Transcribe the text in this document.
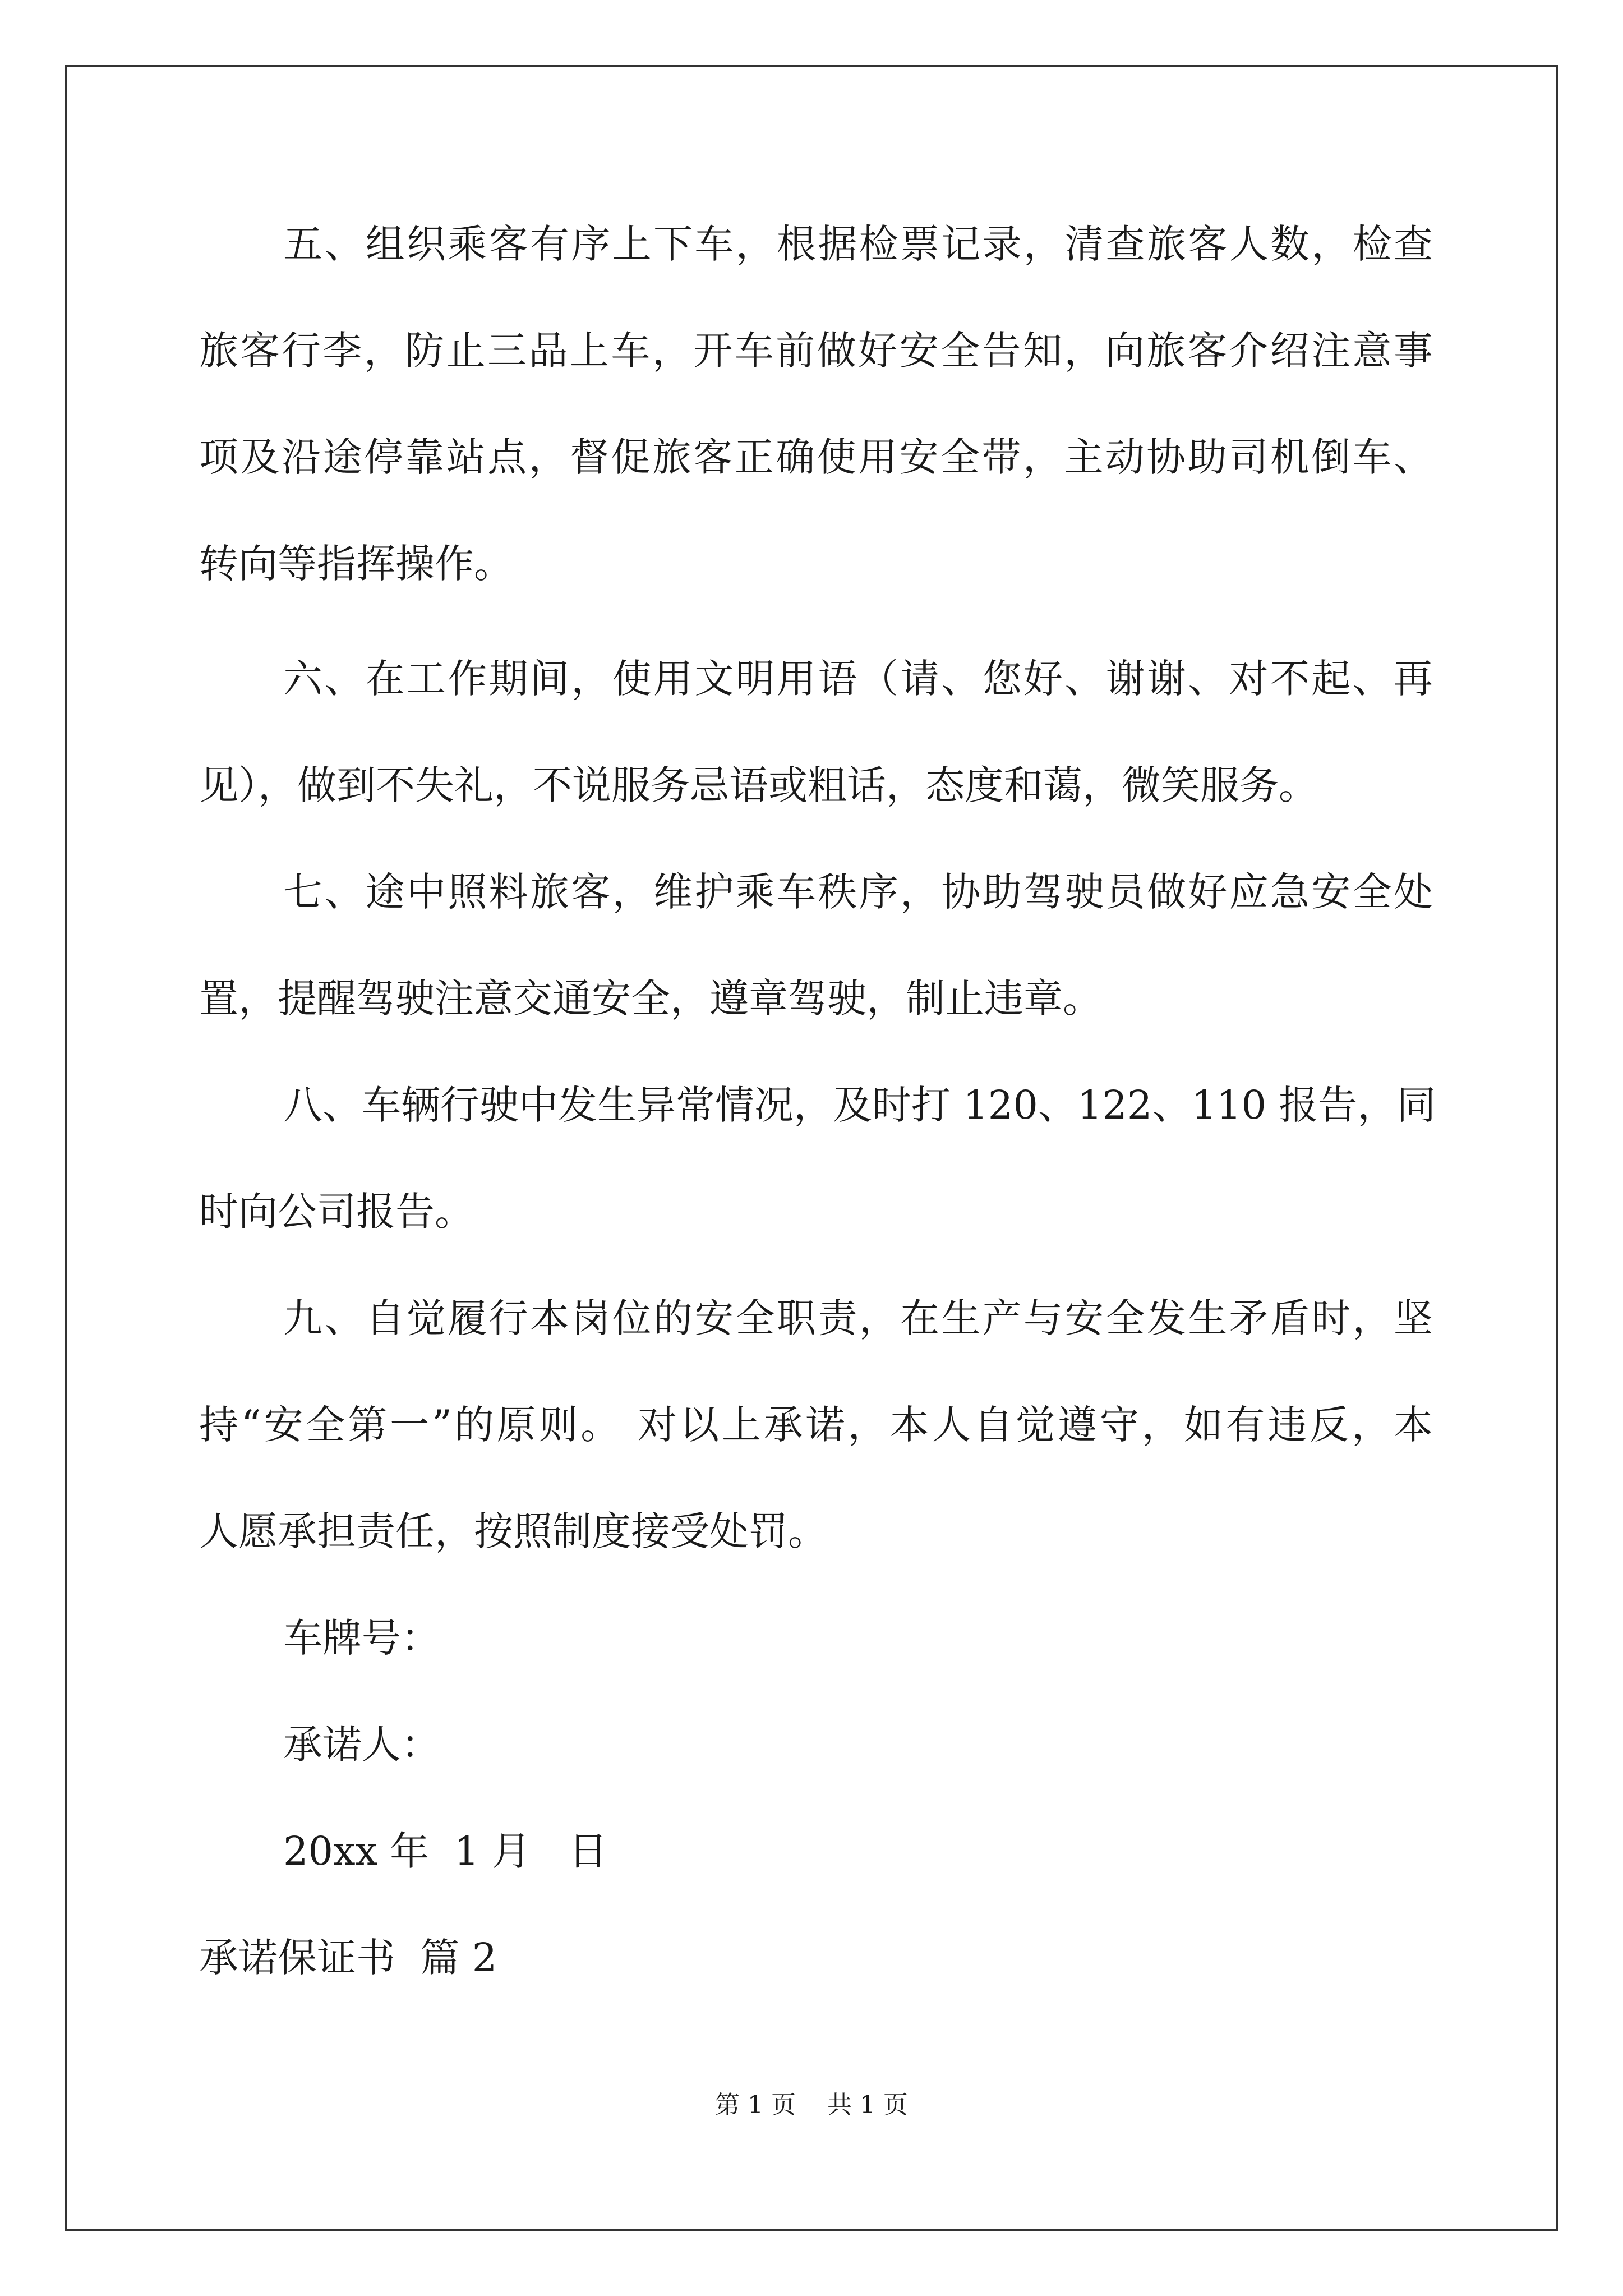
五、组织乘客有序上下车，根据检票记录，清查旅客人数，检查
旅客行李，防止三品上车，开车前做好安全告知，向旅客介绍注意事
项及沿途停靠站点，督促旅客正确使用安全带，主动协助司机倒车、
转向等指挥操作。
六、在工作期间，使用文明用语（请、您好、谢谢、对不起、再
见），做到不失礼，不说服务忌语或粗话，态度和蔼，微笑服务。
七、途中照料旅客，维护乘车秩序，协助驾驶员做好应急安全处
置，提醒驾驶注意交通安全，遵章驾驶，制止违章。
八、车辆行驶中发生异常情况，及时打 120、122、110 报告，同
时向公司报告。
九、自觉履行本岗位的安全职责，在生产与安全发生矛盾时，坚
持“安全第一”的原则。 对以上承诺，本人自觉遵守，如有违反，本
人愿承担责任，按照制度接受处罚。
车牌号：
承诺人：
20xx 年  1 月   日
承诺保证书  篇 2
第 1 页    共 1 页
